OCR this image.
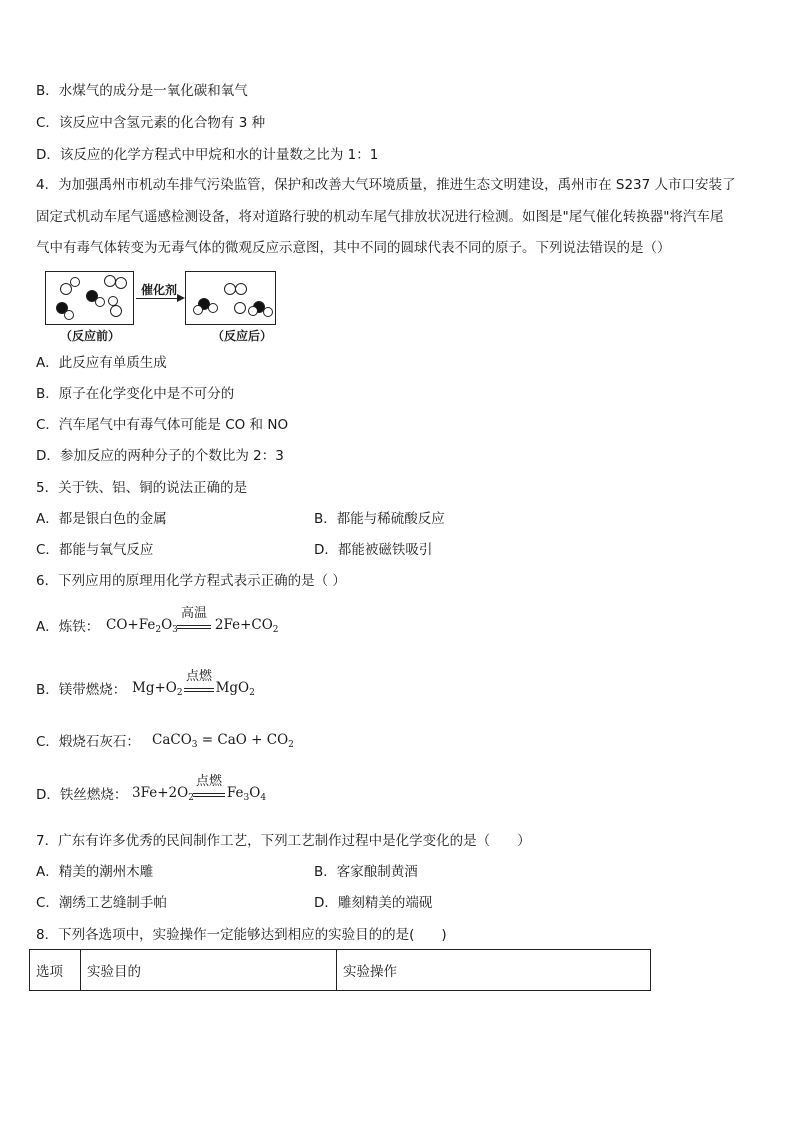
B．水煤气的成分是一氧化碳和氧气
C．该反应中含氢元素的化合物有 3 种
D．该反应的化学方程式中甲烷和水的计量数之比为 1：1
4．为加强禹州市机动车排气污染监管，保护和改善大气环境质量，推进生态文明建设，禹州市在 S237 人市口安装了
固定式机动车尾气遥感检测设备，将对道路行驶的机动车尾气排放状况进行检测。如图是"尾气催化转换器"将汽车尾
气中有毒气体转变为无毒气体的微观反应示意图，其中不同的圆球代表不同的原子。下列说法错误的是（）
催化剂
（反应前）	（反应后）
A．此反应有单质生成
B．原子在化学变化中是不可分的
C．汽车尾气中有毒气体可能是 CO 和 NO
D．参加反应的两种分子的个数比为 2：3
5．关于铁、铝、铜的说法正确的是
A．都是银白色的金属	B．都能与稀硫酸反应
C．都能与氧气反应	D．都能被磁铁吸引
6．下列应用的原理用化学方程式表示正确的是（ ）
A．炼铁： $CO+Fe_2O_3$	$2Fe+CO_2$
高温
B．镁带燃烧： $Mg+O_2$ MgO$_2$
点燃
C．煅烧石灰石： CaCO$_3$ = CaO + $CO_2$
D．铁丝燃烧： $3Fe+2O_2$ $Fe_3O_4$
点燃
7．广东有许多优秀的民间制作工艺，下列工艺制作过程中是化学变化的是（　　）
A．精美的潮州木雕	B．客家酿制黄酒
C．潮绣工艺缝制手帕	D．雕刻精美的端砚
8．下列各选项中，实验操作一定能够达到相应的实验目的的是(　　)
选项	实验目的	实验操作
